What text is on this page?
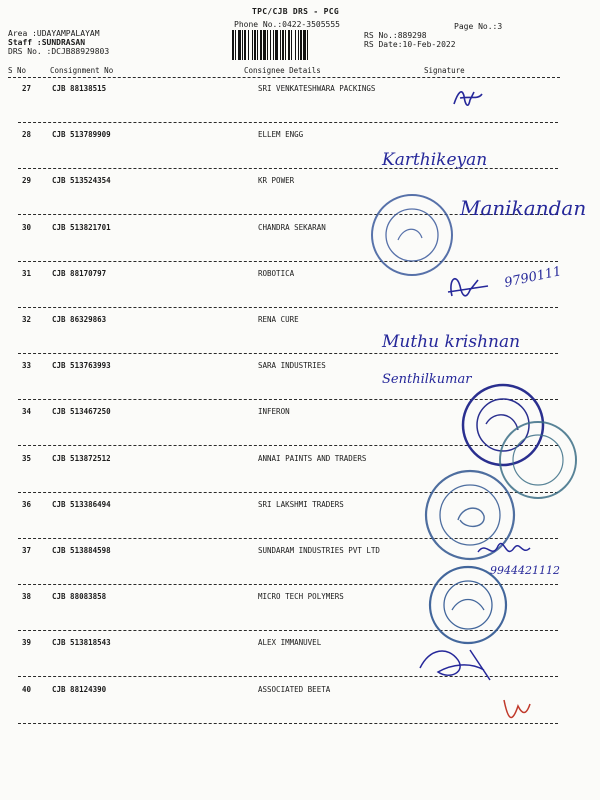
TPC/CJB DRS - PCG
Phone No.:0422-3505555	Page No.:3
Area :UDAYAMPALAYAM
Staff :SUNDRASAN
DRS No. :DCJB88929803
RS No.:889298
RS Date:10-Feb-2022
S No	Consignment No	Consignee Details	Signature
27	CJB 88138515	SRI VENKATESHWARA PACKINGS
28	CJB 513789909	ELLEM ENGG
29	CJB 513524354	KR POWER
30	CJB 513821701	CHANDRA SEKARAN
31	CJB 88170797	ROBOTICA
32	CJB 86329863	RENA CURE
33	CJB 513763993	SARA INDUSTRIES
34	CJB 513467250	INFERON
35	CJB 513872512	ANNAI PAINTS AND TRADERS
36	CJB 513386494	SRI LAKSHMI TRADERS
37	CJB 513884598	SUNDARAM INDUSTRIES PVT LTD
38	CJB 88083858	MICRO TECH POLYMERS
39	CJB 513818543	ALEX IMMANUVEL
40	CJB 88124390	ASSOCIATED BEETA
Karthikeyan
Manikandan
9790111
Muthu krishnan
Senthilkumar
9944421112
